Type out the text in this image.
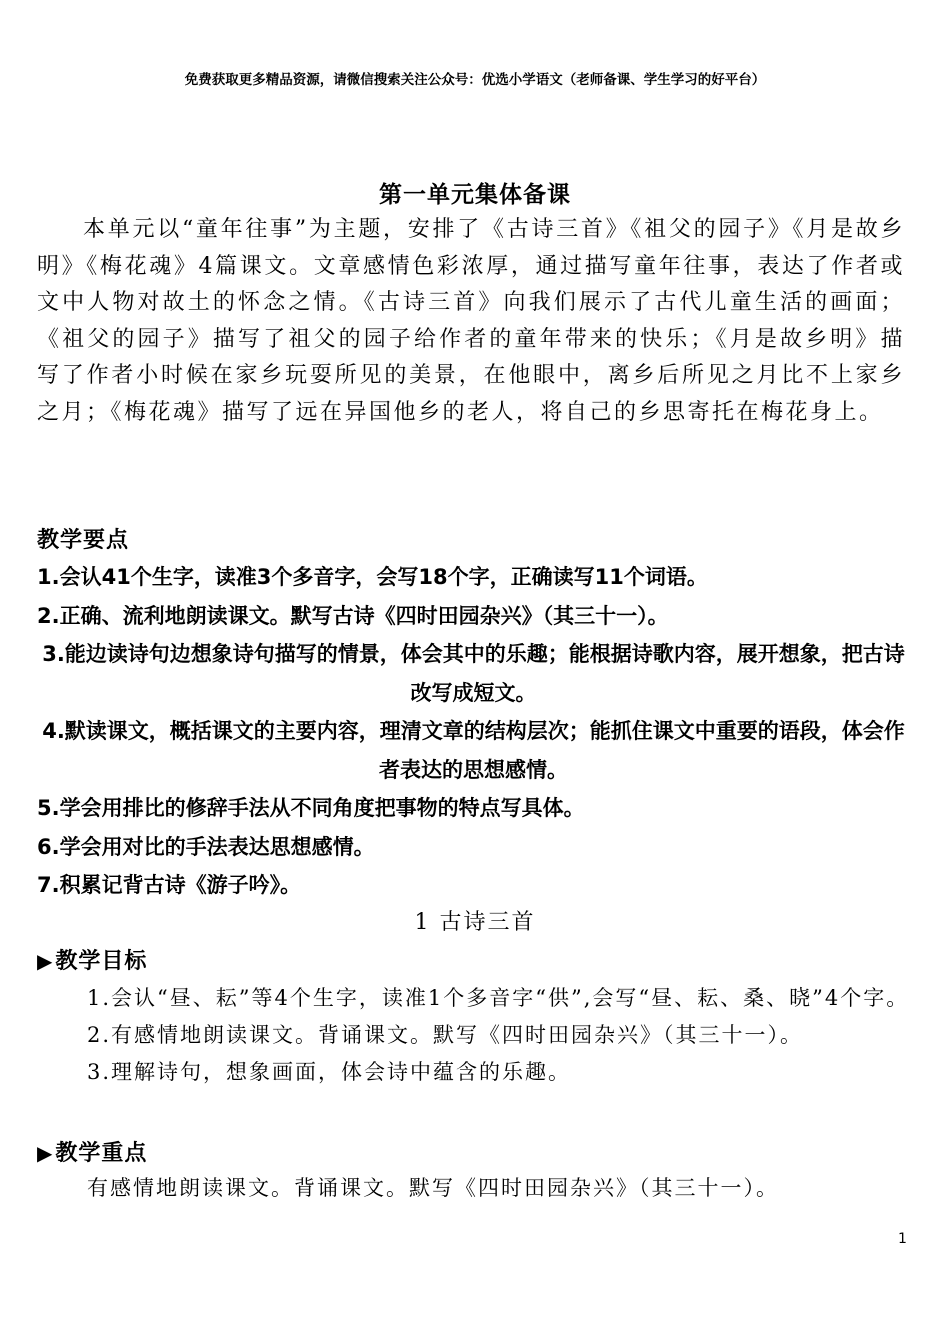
免费获取更多精品资源，请微信搜索关注公众号：优选小学语文（老师备课、学生学习的好平台）
第一单元集体备课

本单元以“童年往事”为主题，安排了《古诗三首》《祖父的园子》《月是故乡明》《梅花魂》4篇课文。文章感情色彩浓厚，通过描写童年往事，表达了作者或文中人物对故土的怀念之情。《古诗三首》向我们展示了古代儿童生活的画面；《祖父的园子》描写了祖父的园子给作者的童年带来的快乐；《月是故乡明》描写了作者小时候在家乡玩耍所见的美景，在他眼中，离乡后所见之月比不上家乡之月；《梅花魂》描写了远在异国他乡的老人，将自己的乡思寄托在梅花身上。

教学要点
1.会认41个生字，读准3个多音字，会写18个字，正确读写11个词语。
2.正确、流利地朗读课文。默写古诗《四时田园杂兴》（其三十一）。
3.能边读诗句边想象诗句描写的情景，体会其中的乐趣；能根据诗歌内容，展开想象，把古诗改写成短文。
4.默读课文，概括课文的主要内容，理清文章的结构层次；能抓住课文中重要的语段，体会作者表达的思想感情。
5.学会用排比的修辞手法从不同角度把事物的特点写具体。
6.学会用对比的手法表达思想感情。
7.积累记背古诗《游子吟》。
1 古诗三首
▶教学目标
1.会认“昼、耘”等4个生字，读准1个多音字“供”,会写“昼、耘、桑、晓”4个字。
2.有感情地朗读课文。背诵课文。默写《四时田园杂兴》（其三十一）。
3.理解诗句，想象画面，体会诗中蕴含的乐趣。
▶教学重点
有感情地朗读课文。背诵课文。默写《四时田园杂兴》（其三十一）。
1
